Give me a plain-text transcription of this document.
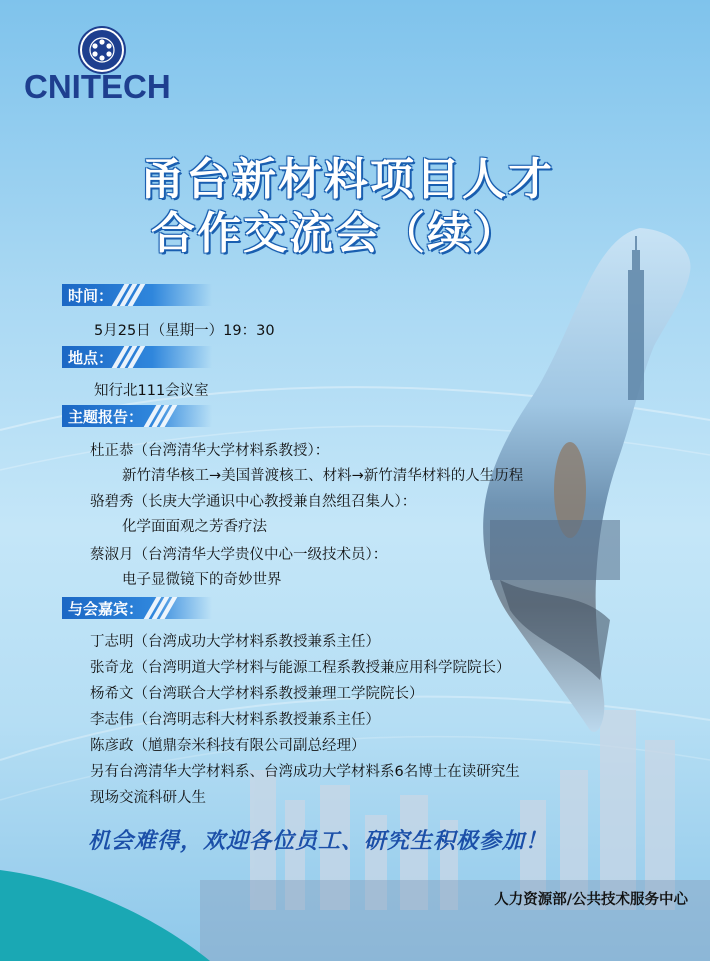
CNITECH
甬台新材料项目人才
合作交流会（续）
时间：
5月25日（星期一）19：30
地点：
知行北111会议室
主题报告：
杜正恭（台湾清华大学材料系教授）：
新竹清华核工→美国普渡核工、材料→新竹清华材料的人生历程
骆碧秀（长庚大学通识中心教授兼自然组召集人）：
化学面面观之芳香疗法
蔡淑月（台湾清华大学贵仪中心一级技术员）：
电子显微镜下的奇妙世界
与会嘉宾：
丁志明（台湾成功大学材料系教授兼系主任）
张奇龙（台湾明道大学材料与能源工程系教授兼应用科学院院长）
杨希文（台湾联合大学材料系教授兼理工学院院长）
李志伟（台湾明志科大材料系教授兼系主任）
陈彦政（馗鼎奈米科技有限公司副总经理）
另有台湾清华大学材料系、台湾成功大学材料系6名博士在读研究生
现场交流科研人生
机会难得，欢迎各位员工、研究生积极参加！
人力资源部/公共技术服务中心
